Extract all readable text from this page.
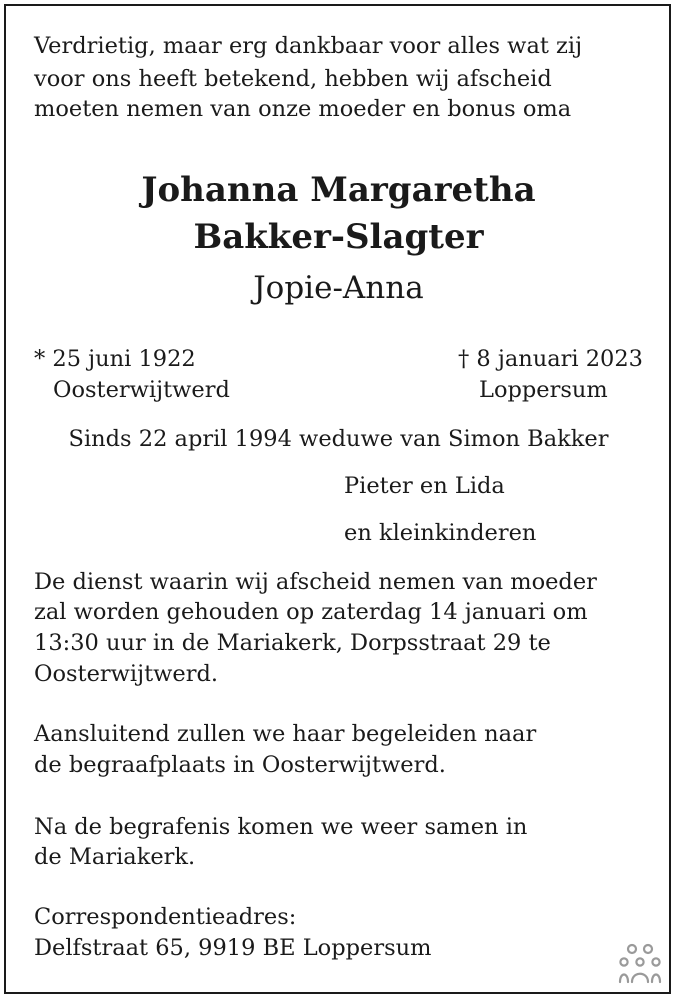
Verdrietig, maar erg dankbaar voor alles wat zij
voor ons heeft betekend, hebben wij afscheid
moeten nemen van onze moeder en bonus oma
Johanna Margaretha
Bakker-Slagter
Jopie-Anna
* 25 juni 1922
Oosterwijtwerd
† 8 januari 2023
Loppersum
Sinds 22 april 1994 weduwe van Simon Bakker
Pieter en Lida
en kleinkinderen
De dienst waarin wij afscheid nemen van moeder
zal worden gehouden op zaterdag 14 januari om
13:30 uur in de Mariakerk, Dorpsstraat 29 te
Oosterwijtwerd.
Aansluitend zullen we haar begeleiden naar
de begraafplaats in Oosterwijtwerd.
Na de begrafenis komen we weer samen in
de Mariakerk.
Correspondentieadres:
Delfstraat 65, 9919 BE Loppersum
